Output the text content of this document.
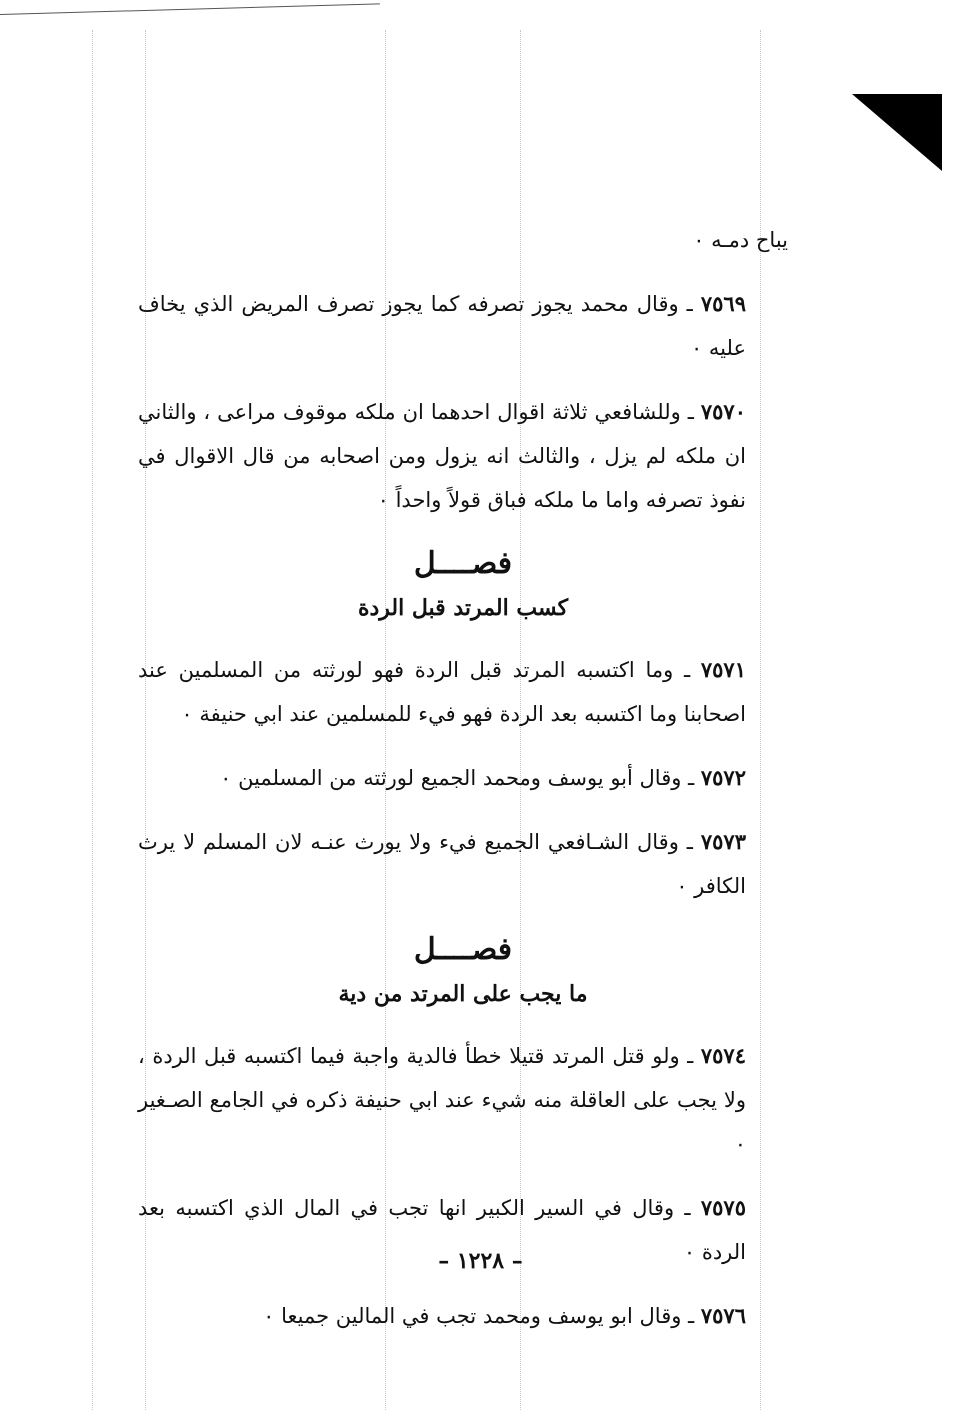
يباح دمـه ٠

٧٥٦٩ ـ وقال محمد يجوز تصرفه كما يجوز تصرف المريض الذي يخاف عليه ٠

٧٥٧٠ ـ وللشافعي ثلاثة اقوال احدهما ان ملكه موقوف مراعى ، والثاني ان ملكه لم يزل ، والثالث انه يزول ومن اصحابه من قال الاقوال في نفوذ تصرفه واما ما ملكه فباق قولاً واحداً ٠

فصــــل
كسب المرتد قبل الردة

٧٥٧١ ـ وما اكتسبه المرتد قبل الردة فهو لورثته من المسلمين عند اصحابنا وما اكتسبه بعد الردة فهو فيء للمسلمين عند ابي حنيفة ٠

٧٥٧٢ ـ وقال أبو يوسف ومحمد الجميع لورثته من المسلمين ٠

٧٥٧٣ ـ وقال الشـافعي الجميع فيء ولا يورث عنـه لان المسلم لا يرث الكافر ٠

فصــــل
ما يجب على المرتد من دية

٧٥٧٤ ـ ولو قتل المرتد قتيلا خطأ فالدية واجبة فيما اكتسبه قبل الردة ، ولا يجب على العاقلة منه شيء عند ابي حنيفة ذكره في الجامع الصـغير ٠

٧٥٧٥ ـ وقال في السير الكبير انها تجب في المال الذي اكتسبه بعد الردة ٠

٧٥٧٦ ـ وقال ابو يوسف ومحمد تجب في المالين جميعا ٠

– ١٢٢٨ –
